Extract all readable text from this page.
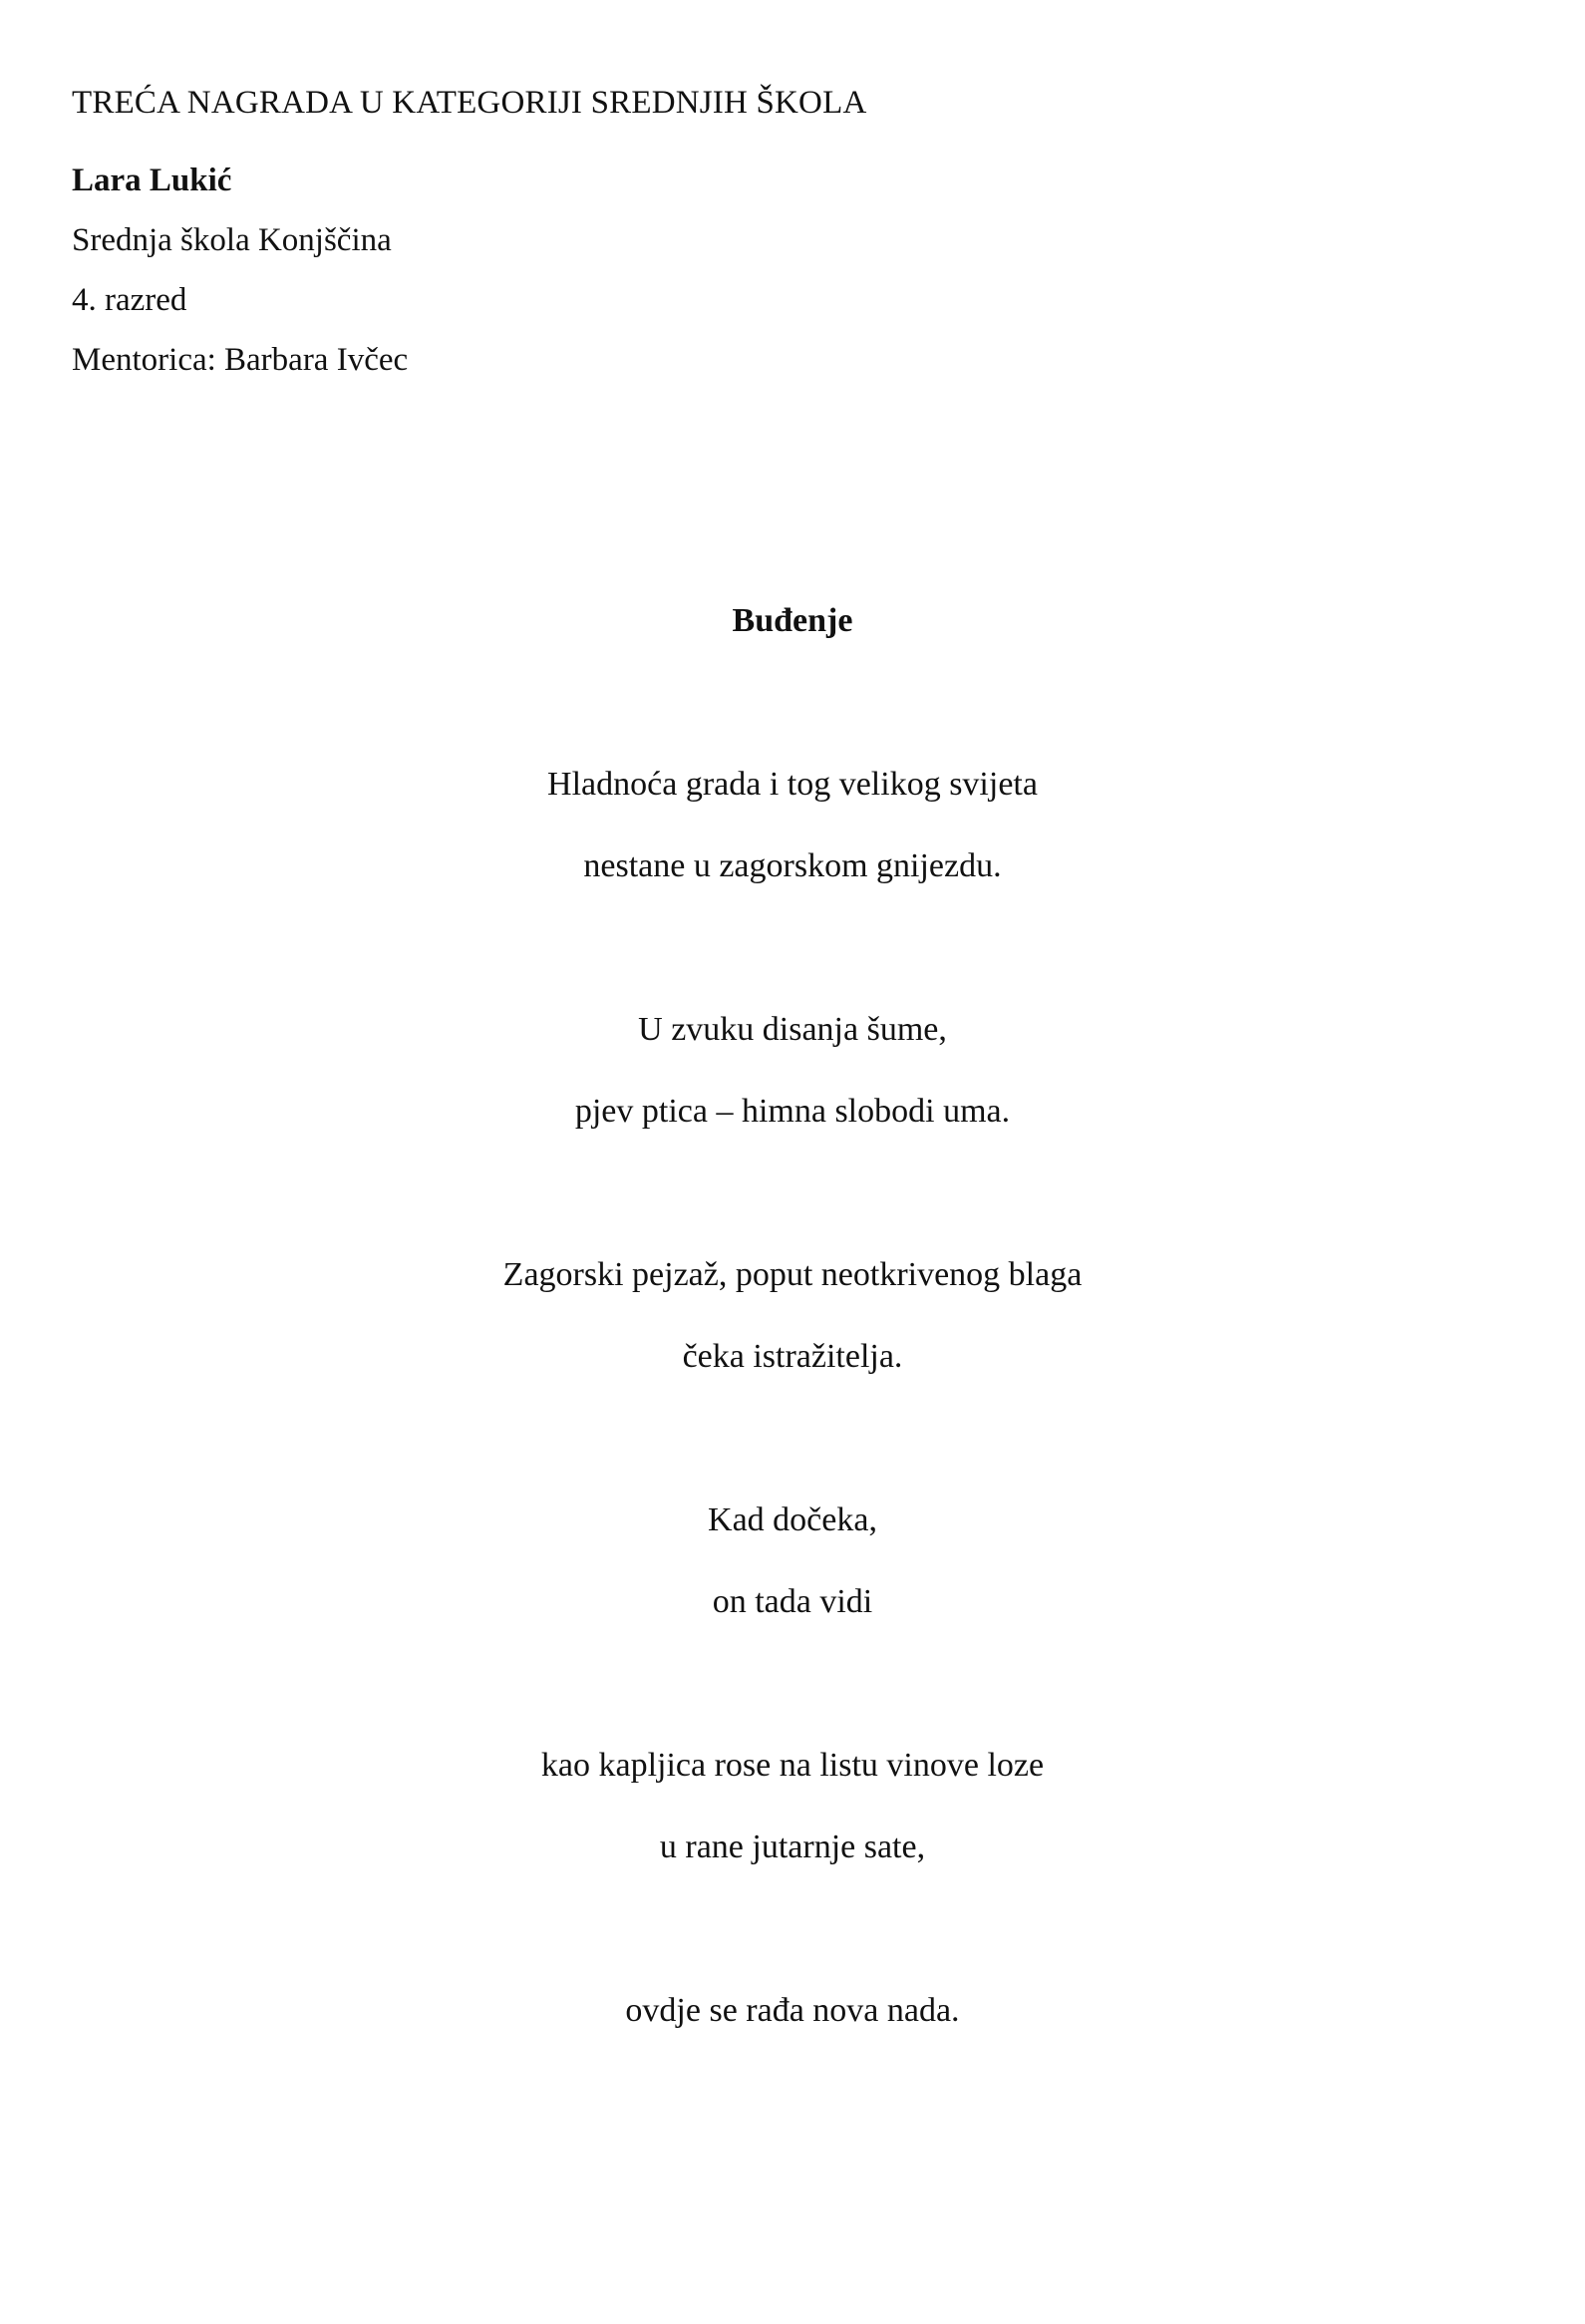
TREĆA NAGRADA U KATEGORIJI SREDNJIH ŠKOLA

Lara Lukić

Srednja škola Konjščina

4. razred

Mentorica: Barbara Ivčec

Buđenje
Hladnoća grada i tog velikog svijeta
nestane u zagorskom gnijezdu.
U zvuku disanja šume,
pjev ptica – himna slobodi uma.
Zagorski pejzaž, poput neotkrivenog blaga
čeka istražitelja.
Kad dočeka,
on tada vidi
kao kapljica rose na listu vinove loze
u rane jutarnje sate,
ovdje se rađa nova nada.
